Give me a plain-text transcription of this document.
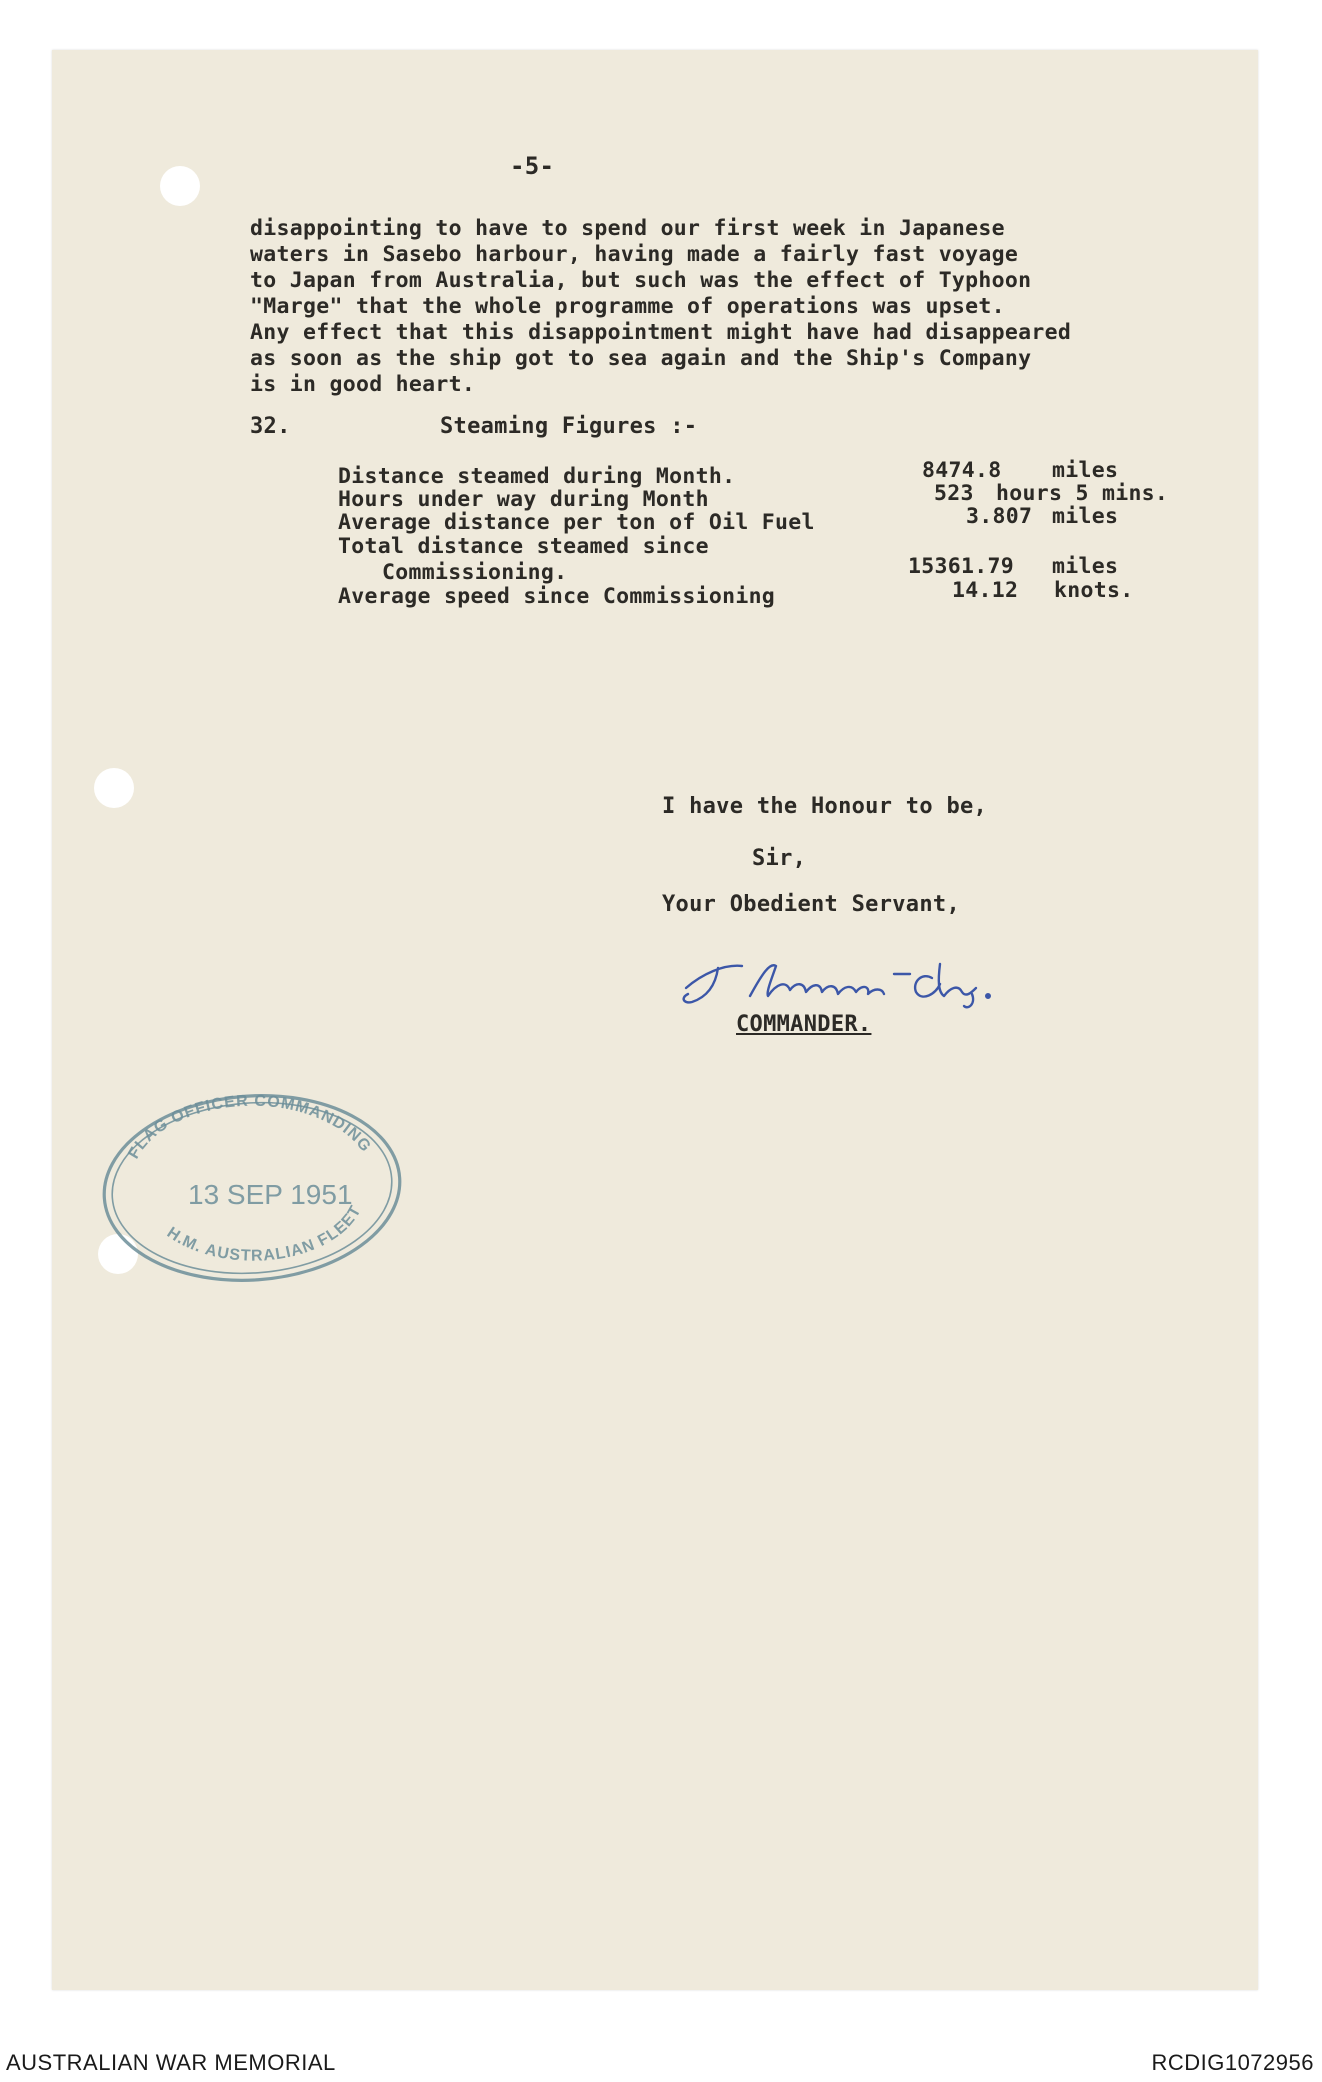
-5-
disappointing to have to spend our first week in Japanese
waters in Sasebo harbour, having made a fairly fast voyage
to Japan from Australia, but such was the effect of Typhoon
"Marge" that the whole programme of operations was upset.
Any effect that this disappointment might have had disappeared
as soon as the ship got to sea again and the Ship's Company
is in good heart.
32.	Steaming Figures :-
Distance steamed during Month.	8474.8 miles
Hours under way during Month	523 hours 5 mins.
Average distance per ton of Oil Fuel	3.807 miles
Total distance steamed since
Commissioning.	15361.79 miles
Average speed since Commissioning	14.12 knots.
I have the Honour to be,
Sir,
Your Obedient Servant,
COMMANDER.
FLAG OFFICER COMMANDING
H.M. AUSTRALIAN FLEET
13 SEP 1951
AUSTRALIAN WAR MEMORIAL	RCDIG1072956
